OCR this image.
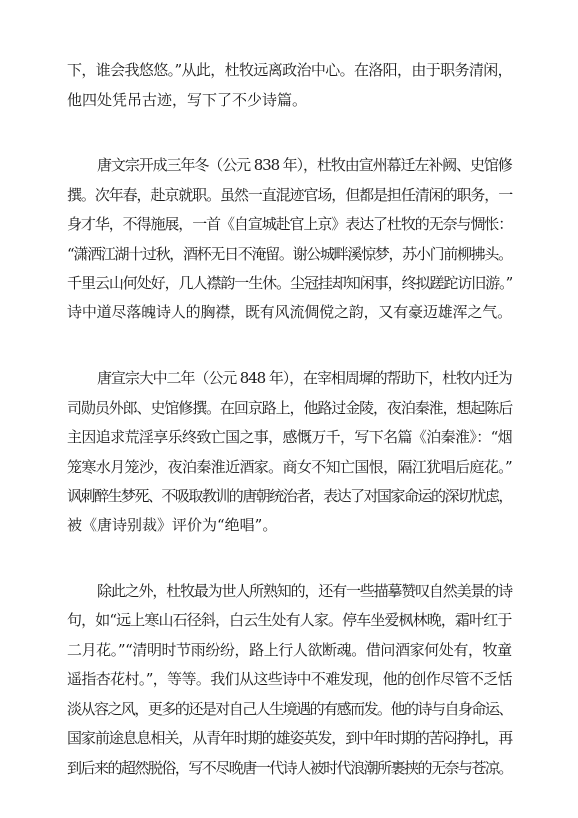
下，谁会我悠悠。”从此，杜牧远离政治中心。在洛阳，由于职务清闲，
他四处凭吊古迹，写下了不少诗篇。
唐文宗开成三年冬（公元 838 年），杜牧由宣州幕迁左补阙、史馆修
撰。次年春，赴京就职。虽然一直混迹官场，但都是担任清闲的职务，一
身才华，不得施展，一首《自宣城赴官上京》表达了杜牧的无奈与惆怅：
“潇洒江湖十过秋，酒杯无日不淹留。谢公城畔溪惊梦，苏小门前柳拂头。
千里云山何处好，几人襟韵一生休。尘冠挂却知闲事，终拟蹉跎访旧游。”
诗中道尽落魄诗人的胸襟，既有风流倜傥之韵，又有豪迈雄浑之气。
唐宣宗大中二年（公元 848 年），在宰相周墀的帮助下，杜牧内迁为
司勋员外郎、史馆修撰。在回京路上，他路过金陵，夜泊秦淮，想起陈后
主因追求荒淫享乐终致亡国之事，感慨万千，写下名篇《泊秦淮》：“烟
笼寒水月笼沙，夜泊秦淮近酒家。商女不知亡国恨，隔江犹唱后庭花。”
讽刺醉生梦死、不吸取教训的唐朝统治者，表达了对国家命运的深切忧虑，
被《唐诗别裁》评价为“绝唱”。
除此之外，杜牧最为世人所熟知的，还有一些描摹赞叹自然美景的诗
句，如“远上寒山石径斜，白云生处有人家。停车坐爱枫林晚，霜叶红于
二月花。”“清明时节雨纷纷，路上行人欲断魂。借问酒家何处有，牧童
遥指杏花村。”，等等。我们从这些诗中不难发现，他的创作尽管不乏恬
淡从容之风，更多的还是对自己人生境遇的有感而发。他的诗与自身命运、
国家前途息息相关，从青年时期的雄姿英发，到中年时期的苦闷挣扎，再
到后来的超然脱俗，写不尽晚唐一代诗人被时代浪潮所裹挟的无奈与苍凉。
